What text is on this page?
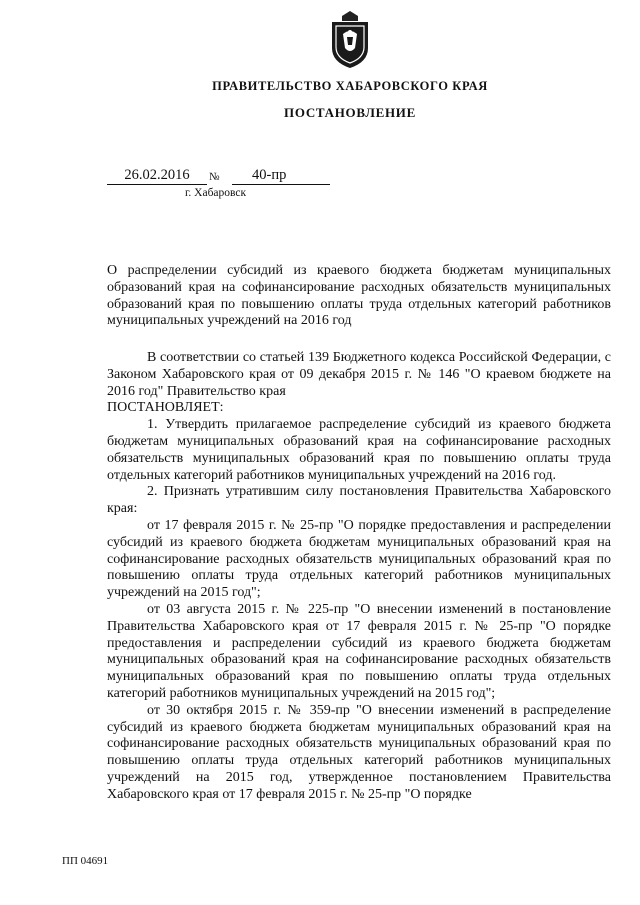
ПРАВИТЕЛЬСТВО ХАБАРОВСКОГО КРАЯ
ПОСТАНОВЛЕНИЕ
26.02.2016	№	40-пр
г. Хабаровск
О распределении субсидий из краевого бюджета бюджетам муниципальных образований края на софинансирование расходных обязательств муниципальных образований края по повышению оплаты труда отдельных категорий работников муниципальных учреждений на 2016 год

В соответствии со статьей 139 Бюджетного кодекса Российской Федерации, с Законом Хабаровского края от 09 декабря 2015 г. № 146 "О краевом бюджете на 2016 год" Правительство края

ПОСТАНОВЛЯЕТ:

1. Утвердить прилагаемое распределение субсидий из краевого бюджета бюджетам муниципальных образований края на софинансирование расходных обязательств муниципальных образований края по повышению оплаты труда отдельных категорий работников муниципальных учреждений на 2016 год.

2. Признать утратившим силу постановления Правительства Хабаровского края:

от 17 февраля 2015 г. № 25-пр "О порядке предоставления и распределении субсидий из краевого бюджета бюджетам муниципальных образований края на софинансирование расходных обязательств муниципальных образований края по повышению оплаты труда отдельных категорий работников муниципальных учреждений на 2015 год";

от 03 августа 2015 г. № 225-пр "О внесении изменений в постановление Правительства Хабаровского края от 17 февраля 2015 г. № 25-пр "О порядке предоставления и распределении субсидий из краевого бюджета бюджетам муниципальных образований края на софинансирование расходных обязательств муниципальных образований края по повышению оплаты труда отдельных категорий работников муниципальных учреждений на 2015 год";

от 30 октября 2015 г. № 359-пр "О внесении изменений в распределение субсидий из краевого бюджета бюджетам муниципальных образований края на софинансирование расходных обязательств муниципальных образований края по повышению оплаты труда отдельных категорий работников муниципальных учреждений на 2015 год, утвержденное постановлением Правительства Хабаровского края от 17 февраля 2015 г. № 25-пр "О порядке

ПП 04691
